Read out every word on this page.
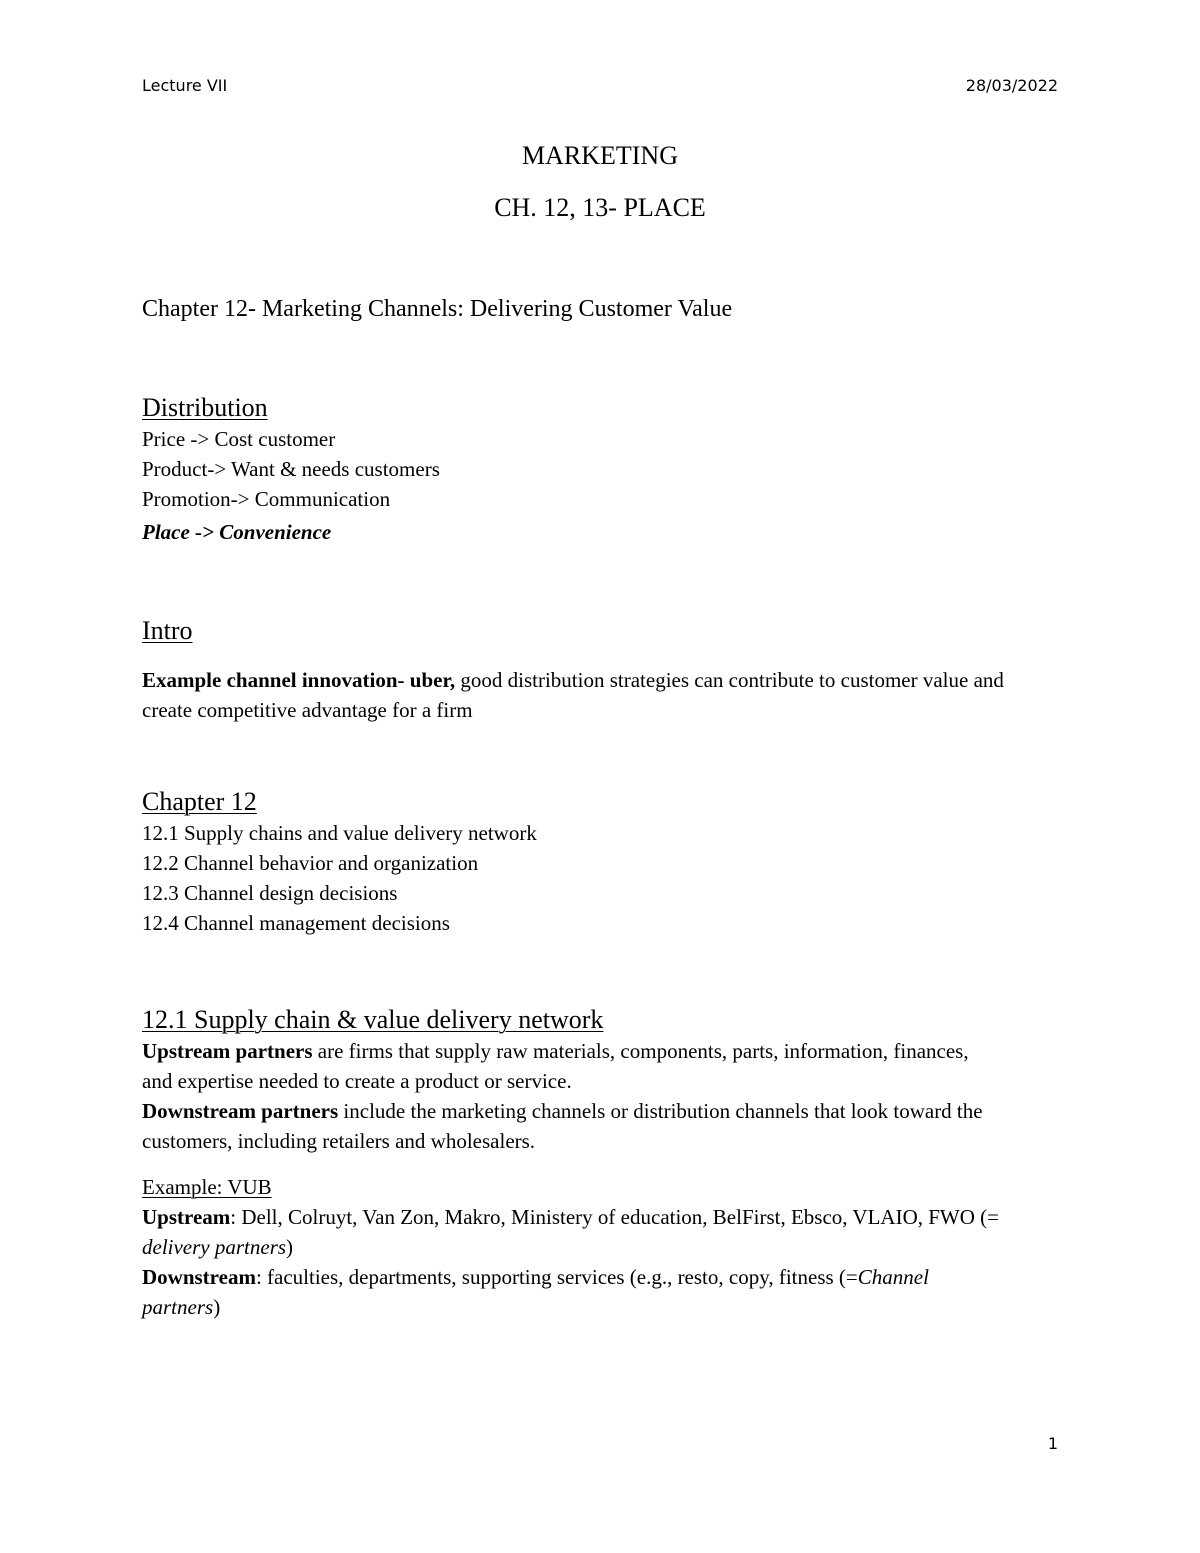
Lecture VII	28/03/2022
MARKETING
CH. 12, 13- PLACE
Chapter 12- Marketing Channels: Delivering Customer Value
Distribution
Price -> Cost customer
Product-> Want & needs customers
Promotion-> Communication
Place -> Convenience
Intro
Example channel innovation- uber, good distribution strategies can contribute to customer value and create competitive advantage for a firm
Chapter 12
12.1 Supply chains and value delivery network
12.2 Channel behavior and organization
12.3 Channel design decisions
12.4 Channel management decisions
12.1 Supply chain & value delivery network
Upstream partners are firms that supply raw materials, components, parts, information, finances, and expertise needed to create a product or service.
Downstream partners include the marketing channels or distribution channels that look toward the customers, including retailers and wholesalers.
Example: VUB
Upstream: Dell, Colruyt, Van Zon, Makro, Ministery of education, BelFirst, Ebsco, VLAIO, FWO (= delivery partners)
Downstream: faculties, departments, supporting services (e.g., resto, copy, fitness (=Channel partners)
1
